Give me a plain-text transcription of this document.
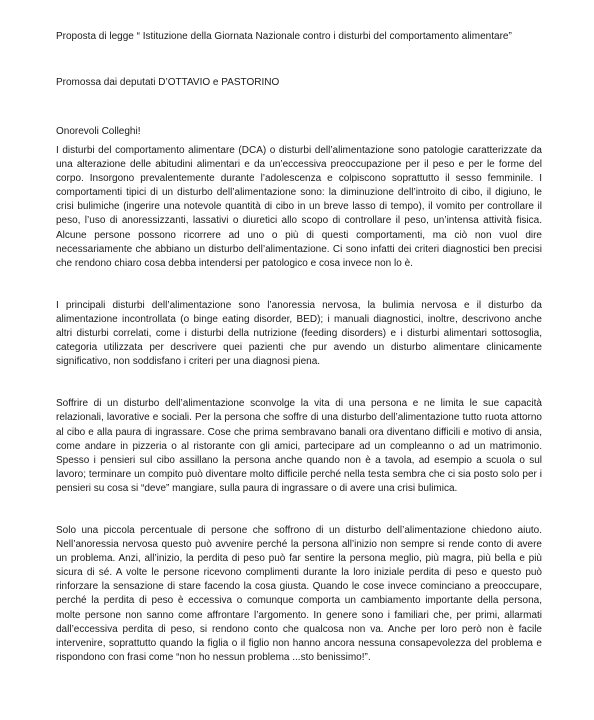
Proposta di legge “ Istituzione della Giornata Nazionale contro i disturbi del comportamento alimentare”

Promossa dai deputati D’OTTAVIO e PASTORINO

Onorevoli Colleghi!

I disturbi del comportamento alimentare (DCA) o disturbi dell’alimentazione sono patologie caratterizzate da una alterazione delle abitudini alimentari e da un’eccessiva preoccupazione per il peso e per le forme del corpo. Insorgono prevalentemente durante l’adolescenza e colpiscono soprattutto il sesso femminile. I comportamenti tipici di un disturbo dell’alimentazione sono: la diminuzione dell’introito di cibo, il digiuno, le crisi bulimiche (ingerire una notevole quantità di cibo in un breve lasso di tempo), il vomito per controllare il peso, l’uso di anoressizzanti, lassativi o diuretici allo scopo di controllare il peso, un’intensa attività fisica. Alcune persone possono ricorrere ad uno o più di questi comportamenti, ma ciò non vuol dire necessariamente che abbiano un disturbo dell’alimentazione. Ci sono infatti dei criteri diagnostici ben precisi che rendono chiaro cosa debba intendersi per patologico e cosa invece non lo è.

I principali disturbi dell’alimentazione sono l’anoressia nervosa, la bulimia nervosa e il disturbo da alimentazione incontrollata (o binge eating disorder, BED); i manuali diagnostici, inoltre, descrivono anche altri disturbi correlati, come i disturbi della nutrizione (feeding disorders) e i disturbi alimentari sottosoglia, categoria utilizzata per descrivere quei pazienti che pur avendo un disturbo alimentare clinicamente significativo, non soddisfano i criteri per una diagnosi piena.

Soffrire di un disturbo dell’alimentazione sconvolge la vita di una persona e ne limita le sue capacità relazionali, lavorative e sociali. Per la persona che soffre di una disturbo dell’alimentazione tutto ruota attorno al cibo e alla paura di ingrassare. Cose che prima sembravano banali ora diventano difficili e motivo di ansia, come andare in pizzeria o al ristorante con gli amici, partecipare ad un compleanno o ad un matrimonio. Spesso i pensieri sul cibo assillano la persona anche quando non è a tavola, ad esempio a scuola o sul lavoro; terminare un compito può diventare molto difficile perché nella testa sembra che ci sia posto solo per i pensieri su cosa si “deve” mangiare, sulla paura di ingrassare o di avere una crisi bulimica.

Solo una piccola percentuale di persone che soffrono di un disturbo dell’alimentazione chiedono aiuto. Nell’anoressia nervosa questo può avvenire perché la persona all’inizio non sempre si rende conto di avere un problema. Anzi, all’inizio, la perdita di peso può far sentire la persona meglio, più magra, più bella e più sicura di sé. A volte le persone ricevono complimenti durante la loro iniziale perdita di peso e questo può rinforzare la sensazione di stare facendo la cosa giusta. Quando le cose invece cominciano a preoccupare, perché la perdita di peso è eccessiva o comunque comporta un cambiamento importante della persona, molte persone non sanno come affrontare l’argomento. In genere sono i familiari che, per primi, allarmati dall’eccessiva perdita di peso, si rendono conto che qualcosa non va. Anche per loro però non è facile intervenire, soprattutto quando la figlia o il figlio non hanno ancora nessuna consapevolezza del problema e rispondono con frasi come “non ho nessun problema ...sto benissimo!”.
